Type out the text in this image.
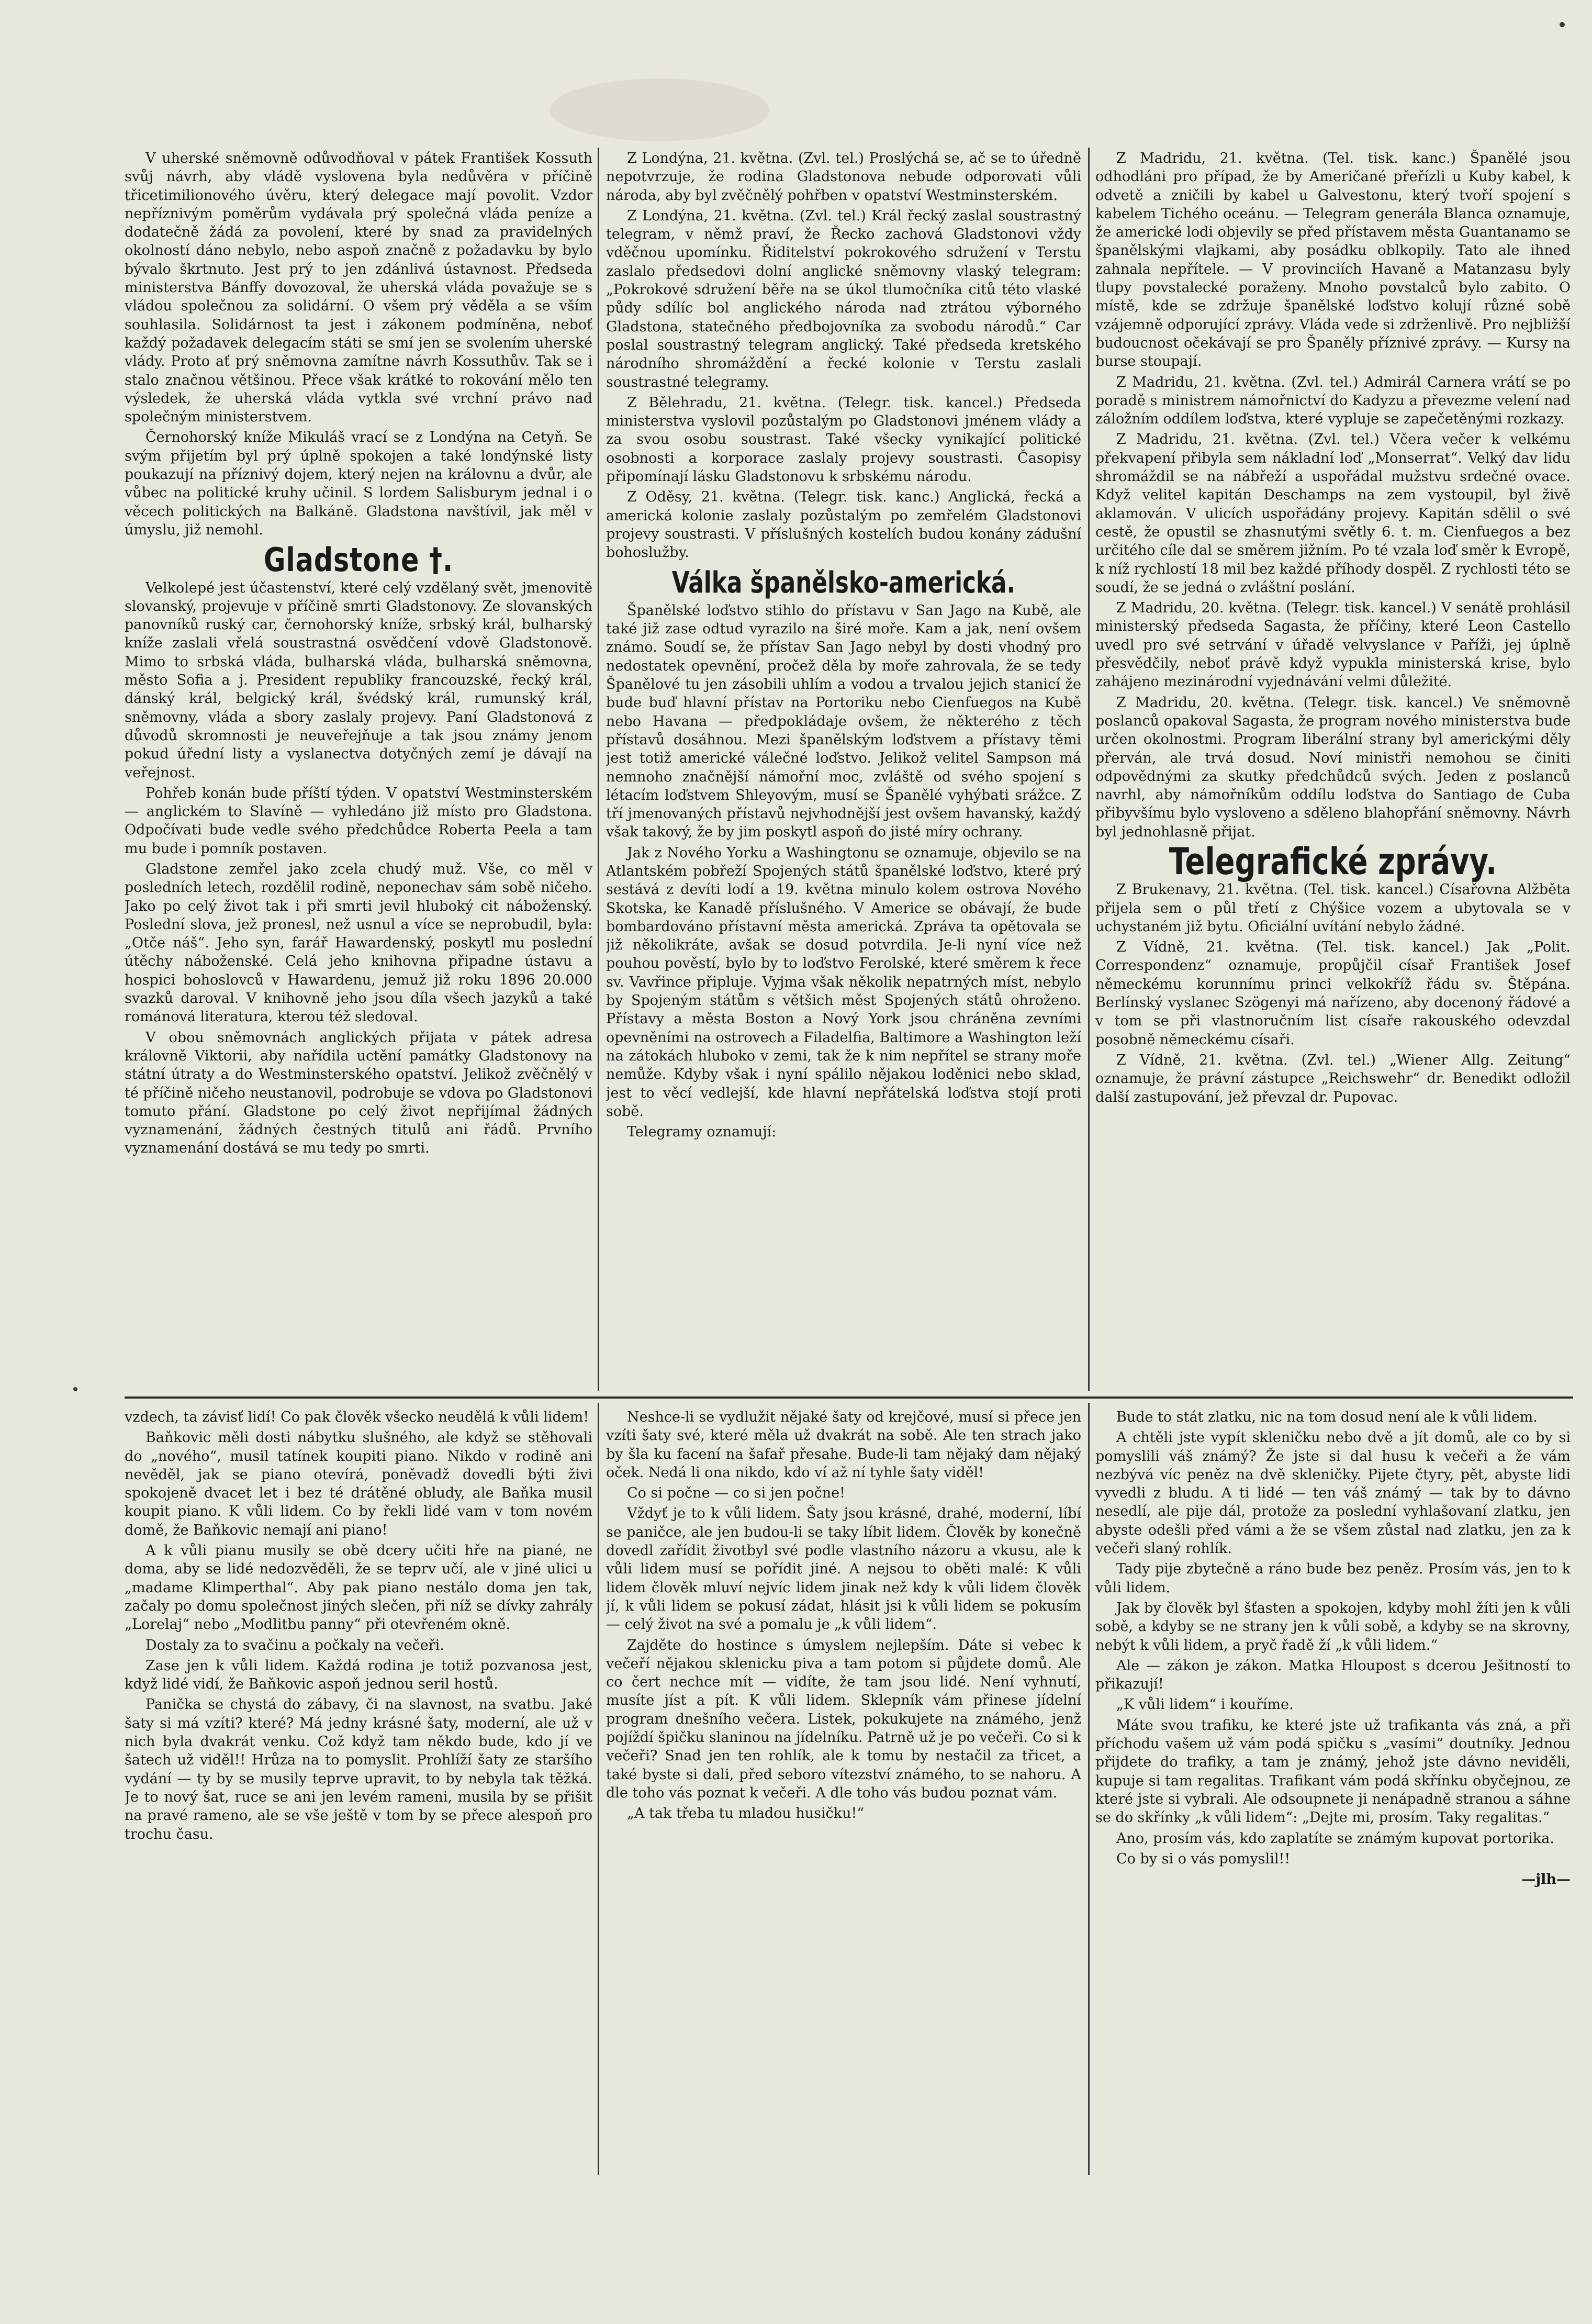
V uherské sněmovně odůvodňoval v pátek František Kossuth svůj návrh, aby vládě vyslovena byla nedůvěra v příčině třicetimilionového úvěru, který delegace mají povolit. Vzdor nepříznivým poměrům vydávala prý společná vláda peníze a dodatečně žádá za povolení, které by snad za pravidelných okolností dáno nebylo, nebo aspoň značně z požadavku by bylo bývalo škrtnuto. Jest prý to jen zdánlivá ústavnost. Předseda ministerstva Bánffy dovozoval, že uherská vláda považuje se s vládou společnou za solidární. O všem prý věděla a se vším souhlasila. Solidárnost ta jest i zákonem podmíněna, neboť každý požadavek delegacím státi se smí jen se svolením uherské vlády. Proto ať prý sněmovna zamítne návrh Kossuthův. Tak se i stalo značnou většinou. Přece však krátké to rokování mělo ten výsledek, že uherská vláda vytkla své vrchní právo nad společným ministerstvem.

Černohorský kníže Mikuláš vrací se z Londýna na Cetyň. Se svým přijetím byl prý úplně spokojen a také londýnské listy poukazují na příznivý dojem, který nejen na královnu a dvůr, ale vůbec na politické kruhy učinil. S lordem Salisburym jednal i o věcech politických na Balkáně. Gladstona navštívil, jak měl v úmyslu, již nemohl.

Gladstone †.

Velkolepé jest účastenství, které celý vzdělaný svět, jmenovitě slovanský, projevuje v příčině smrti Gladstonovy. Ze slovanských panovníků ruský car, černohorský kníže, srbský král, bulharský kníže zaslali vřelá soustrastná osvědčení vdově Gladstonově. Mimo to srbská vláda, bulharská vláda, bulharská sněmovna, město Sofia a j. President republiky francouzské, řecký král, dánský král, belgický král, švédský král, rumunský král, sněmovny, vláda a sbory zaslaly projevy. Paní Gladstonová z důvodů skromnosti je neuveřejňuje a tak jsou známy jenom pokud úřední listy a vyslanectva dotyčných zemí je dávají na veřejnost.

Pohřeb konán bude příští týden. V opatství Westminsterském — anglickém to Slavíně — vyhledáno již místo pro Gladstona. Odpočívati bude vedle svého předchůdce Roberta Peela a tam mu bude i pomník postaven.

Gladstone zemřel jako zcela chudý muž. Vše, co měl v posledních letech, rozdělil rodině, neponechav sám sobě ničeho. Jako po celý život tak i při smrti jevil hluboký cit náboženský. Poslední slova, jež pronesl, než usnul a více se neprobudil, byla: „Otče náš“. Jeho syn, farář Hawardenský, poskytl mu poslední útěchy náboženské. Celá jeho knihovna připadne ústavu a hospici bohoslovců v Hawardenu, jemuž již roku 1896 20.000 svazků daroval. V knihovně jeho jsou díla všech jazyků a také románová literatura, kterou též sledoval.

V obou sněmovnách anglických přijata v pátek adresa královně Viktorii, aby nařídila uctění památky Gladstonovy na státní útraty a do Westminsterského opatství. Jelikož zvěčnělý v té příčině ničeho neustanovil, podrobuje se vdova po Gladstonovi tomuto přání. Gladstone po celý život nepřijímal žádných vyznamenání, žádných čestných titulů ani řádů. Prvního vyznamenání dostává se mu tedy po smrti.

Z Londýna, 21. května. (Zvl. tel.) Proslýchá se, ač se to úředně nepotvrzuje, že rodina Gladstonova nebude odporovati vůli národa, aby byl zvěčnělý pohřben v opatství Westminsterském.

Z Londýna, 21. května. (Zvl. tel.) Král řecký zaslal soustrastný telegram, v němž praví, že Řecko zachová Gladstonovi vždy vděčnou upomínku. Řiditelství pokrokového sdružení v Terstu zaslalo předsedovi dolní anglické sněmovny vlaský telegram: „Pokrokové sdružení běře na se úkol tlumočníka citů této vlaské půdy sdílíc bol anglického národa nad ztrátou výborného Gladstona, statečného předbojovníka za svobodu národů.“ Car poslal soustrastný telegram anglický. Také předseda kretského národního shromáždění a řecké kolonie v Terstu zaslali soustrastné telegramy.

Z Bělehradu, 21. května. (Telegr. tisk. kancel.) Předseda ministerstva vyslovil pozůstalým po Gladstonovi jménem vlády a za svou osobu soustrast. Také všecky vynikající politické osobnosti a korporace zaslaly projevy soustrasti. Časopisy připomínají lásku Gladstonovu k srbskému národu.

Z Oděsy, 21. května. (Telegr. tisk. kanc.) Anglická, řecká a americká kolonie zaslaly pozůstalým po zemřelém Gladstonovi projevy soustrasti. V příslušných kostelích budou konány zádušní bohoslužby.

Válka španělsko-americká.

Španělské loďstvo stihlo do přístavu v San Jago na Kubě, ale také již zase odtud vyrazilo na širé moře. Kam a jak, není ovšem známo. Soudí se, že přístav San Jago nebyl by dosti vhodný pro nedostatek opevnění, pročež děla by moře zahrovala, že se tedy Španělové tu jen zásobili uhlím a vodou a trvalou jejich stanicí že bude buď hlavní přístav na Portoriku nebo Cienfuegos na Kubě nebo Havana — předpokládaje ovšem, že některého z těch přístavů dosáhnou. Mezi španělským loďstvem a přístavy těmi jest totiž americké válečné loďstvo. Jelikož velitel Sampson má nemnoho značnější námořní moc, zvláště od svého spojení s létacím loďstvem Shleyovým, musí se Španělé vyhýbati srážce. Z tří jmenovaných přístavů nejvhodnější jest ovšem havanský, každý však takový, že by jim poskytl aspoň do jisté míry ochrany.

Jak z Nového Yorku a Washingtonu se oznamuje, objevilo se na Atlantském pobřeží Spojených států španělské loďstvo, které prý sestává z devíti lodí a 19. května minulo kolem ostrova Nového Skotska, ke Kanadě příslušného. V Americe se obávají, že bude bombardováno přístavní města americká. Zpráva ta opětovala se již několikráte, avšak se dosud potvrdila. Je-li nyní více než pouhou pověstí, bylo by to loďstvo Ferolské, které směrem k řece sv. Vavřince připluje. Vyjma však několik nepatrných míst, nebylo by Spojeným státům s většich měst Spojených států ohroženo. Přístavy a města Boston a Nový York jsou chráněna zevními opevněními na ostrovech a Filadelfia, Baltimore a Washington leží na zátokách hluboko v zemi, tak že k nim nepřítel se strany moře nemůže. Kdyby však i nyní spálilo nějakou loděnici nebo sklad, jest to věcí vedlejší, kde hlavní nepřátelská loďstva stojí proti sobě.

Telegramy oznamují:

Z Madridu, 21. května. (Tel. tisk. kanc.) Španělé jsou odhodláni pro případ, že by Američané přeřízli u Kuby kabel, k odvetě a zničili by kabel u Galvestonu, který tvoří spojení s kabelem Tichého oceánu. — Telegram generála Blanca oznamuje, že americké lodi objevily se před přístavem města Guantanamo se španělskými vlajkami, aby posádku oblkopily. Tato ale ihned zahnala nepřítele. — V provinciích Havaně a Matanzasu byly tlupy povstalecké poraženy. Mnoho povstalců bylo zabito. O místě, kde se zdržuje španělské loďstvo kolují různé sobě vzájemně odporující zprávy. Vláda vede si zdrženlivě. Pro nejbližší budoucnost očekávají se pro Španěly příznivé zprávy. — Kursy na burse stoupají.

Z Madridu, 21. května. (Zvl. tel.) Admirál Carnera vrátí se po poradě s ministrem námořnictví do Kadyzu a převezme velení nad záložním oddílem loďstva, které vypluje se zapečetěnými rozkazy.

Z Madridu, 21. května. (Zvl. tel.) Včera večer k velkému překvapení přibyla sem nákladní loď „Monserrat“. Velký dav lidu shromáždil se na nábřeží a uspořádal mužstvu srdečné ovace. Když velitel kapitán Deschamps na zem vystoupil, byl živě aklamován. V ulicích uspořádány projevy. Kapitán sdělil o své cestě, že opustil se zhasnutými světly 6. t. m. Cienfuegos a bez určitého cíle dal se směrem jižním. Po té vzala loď směr k Evropě, k níž rychlostí 18 mil bez každé příhody dospěl. Z rychlosti této se soudí, že se jedná o zvláštní poslání.

Z Madridu, 20. května. (Telegr. tisk. kancel.) V senátě prohlásil ministerský předseda Sagasta, že příčiny, které Leon Castello uvedl pro své setrvání v úřadě velvyslance v Paříži, jej úplně přesvědčily, neboť právě když vypukla ministerská krise, bylo zahájeno mezinárodní vyjednávání velmi důležité.

Z Madridu, 20. května. (Telegr. tisk. kancel.) Ve sněmovně poslanců opakoval Sagasta, že program nového ministerstva bude určen okolnostmi. Program liberální strany byl americkými děly přerván, ale trvá dosud. Noví ministři nemohou se činiti odpovědnými za skutky předchůdců svých. Jeden z poslanců navrhl, aby námořníkům oddílu loďstva do Santiago de Cuba přibyvšímu bylo vysloveno a sděleno blahopřání sněmovny. Návrh byl jednohlasně přijat.

Telegrafické zprávy.

Z Brukenavy, 21. května. (Tel. tisk. kancel.) Císařovna Alžběta přijela sem o půl třetí z Chýšice vozem a ubytovala se v uchystaném již bytu. Oficiální uvítání nebylo žádné.

Z Vídně, 21. května. (Tel. tisk. kancel.) Jak „Polit. Correspondenz“ oznamuje, propůjčil císař František Josef německému korunnímu princi velkokříž řádu sv. Štěpána. Berlínský vyslanec Szögenyi má nařízeno, aby docenoný řádové a v tom se při vlastnoručním list císaře rakouského odevzdal posobně německému císaři.

Z Vídně, 21. května. (Zvl. tel.) „Wiener Allg. Zeitung“ oznamuje, že právní zástupce „Reichswehr“ dr. Benedikt odložil další zastupování, jež převzal dr. Pupovac.

vzdech, ta závisť lidí! Co pak člověk všecko neudělá k vůli lidem!

Baňkovic měli dosti nábytku slušného, ale když se stěhovali do „nového“, musil tatínek koupiti piano. Nikdo v rodině ani nevěděl, jak se piano otevírá, poněvadž dovedli býti živi spokojeně dvacet let i bez té drátěné obludy, ale Baňka musil koupit piano. K vůli lidem. Co by řekli lidé vam v tom novém domě, že Baňkovic nemají ani piano!

A k vůli pianu musily se obě dcery učiti hře na piané, ne doma, aby se lidé nedozvěděli, že se teprv učí, ale v jiné ulici u „madame Klimperthal“. Aby pak piano nestálo doma jen tak, začaly po domu společnost jiných slečen, při níž se dívky zahrály „Lorelaj“ nebo „Modlitbu panny“ při otevřeném okně.

Dostaly za to svačinu a počkaly na večeři.

Zase jen k vůli lidem. Každá rodina je totiž pozvanosa jest, když lidé vidí, že Baňkovic aspoň jednou seril hostů.

Panička se chystá do zábavy, či na slavnost, na svatbu. Jaké šaty si má vzíti? které? Má jedny krásné šaty, moderní, ale už v nich byla dvakrát venku. Což když tam někdo bude, kdo jí ve šatech už viděl!! Hrůza na to pomyslit. Prohlíží šaty ze staršího vydání — ty by se musily teprve upravit, to by nebyla tak těžká. Je to nový šat, ruce se ani jen levém rameni, musila by se přišit na pravé rameno, ale se vše ještě v tom by se přece alespoň pro trochu času.

Neshce-li se vydlužit nějaké šaty od krejčové, musí si přece jen vzíti šaty své, které měla už dvakrát na sobě. Ale ten strach jako by šla ku facení na šafař přesahe. Bude-li tam nějaký dam nějaký oček. Nedá li ona nikdo, kdo ví až ní tyhle šaty viděl!

Co si počne — co si jen počne!

Vždyť je to k vůli lidem. Šaty jsou krásné, drahé, moderní, líbí se paničce, ale jen budou-li se taky líbit lidem. Člověk by konečně dovedl zařídit životbyl své podle vlastního názoru a vkusu, ale k vůli lidem musí se pořídit jiné. A nejsou to oběti malé: K vůli lidem člověk mluví nejvíc lidem jinak než kdy k vůli lidem člověk jí, k vůli lidem se pokusí zádat, hlásit jsi k vůli lidem se pokusím — celý život na své a pomalu je „k vůli lidem“.

Zajděte do hostince s úmyslem nejlepším. Dáte si vebec k večeří nějakou sklenicku piva a tam potom si půjdete domů. Ale co čert nechce mít — vidíte, že tam jsou lidé. Není vyhnutí, musíte jíst a pít. K vůli lidem. Sklepník vám přinese jídelní program dnešního večera. Listek, pokukujete na známého, jenž pojíždí špičku slaninou na jídelníku. Patrně už je po večeři. Co si k večeři? Snad jen ten rohlík, ale k tomu by nestačil za třicet, a také byste si dali, před seboro vítezství známého, to se nahoru. A dle toho vás poznat k večeři. A dle toho vás budou poznat vám.

„A tak třeba tu mladou husičku!“

Bude to stát zlatku, nic na tom dosud není ale k vůli lidem.

A chtěli jste vypít skleničku nebo dvě a jít domů, ale co by si pomyslili váš známý? Že jste si dal husu k večeři a že vám nezbývá víc peněz na dvě skleničky. Pijete čtyry, pět, abyste lidi vyvedli z bludu. A ti lidé — ten váš známý — tak by to dávno nesedlí, ale pije dál, protože za poslední vyhlašovaní zlatku, jen abyste odešli před vámi a že se všem zůstal nad zlatku, jen za k večeři slaný rohlík.

Tady pije zbytečně a ráno bude bez peněz. Prosím vás, jen to k vůli lidem.

Jak by člověk byl šťasten a spokojen, kdyby mohl žíti jen k vůli sobě, a kdyby se ne strany jen k vůli sobě, a kdyby se na skrovny, nebýt k vůli lidem, a pryč řadě ží „k vůli lidem.“

Ale — zákon je zákon. Matka Hloupost s dcerou Ješitností to přikazují!

„K vůli lidem“ i kouříme.

Máte svou trafiku, ke které jste už trafikanta vás zná, a při příchodu vašem už vám podá spičku s „vasími“ doutníky. Jednou přijdete do trafiky, a tam je známý, jehož jste dávno neviděli, kupuje si tam regalitas. Trafikant vám podá skřínku obyčejnou, ze které jste si vybrali. Ale odsoupnete ji nenápadně stranou a sáhne se do skřínky „k vůli lidem“: „Dejte mi, prosím. Taky regalitas.“

Ano, prosím vás, kdo zaplatíte se známým kupovat portorika.

Co by si o vás pomyslil!!

—jlh—
